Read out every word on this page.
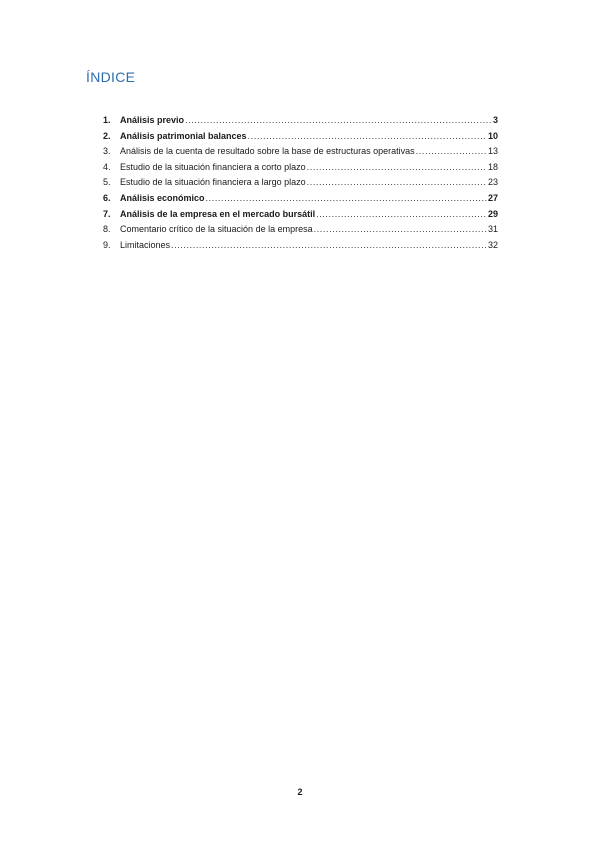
ÍNDICE
1.	Análisis previo .....	3
2.	Análisis patrimonial balances .....	10
3.	Análisis de la cuenta de resultado sobre la base de estructuras operativas .....	13
4.	Estudio de la situación financiera a corto plazo .....	18
5.	Estudio de la situación financiera a largo plazo .....	23
6.	Análisis económico .....	27
7.	Análisis de la empresa en el mercado bursátil .....	29
8.	Comentario crítico de la situación de la empresa .....	31
9.	Limitaciones .....	32
2
